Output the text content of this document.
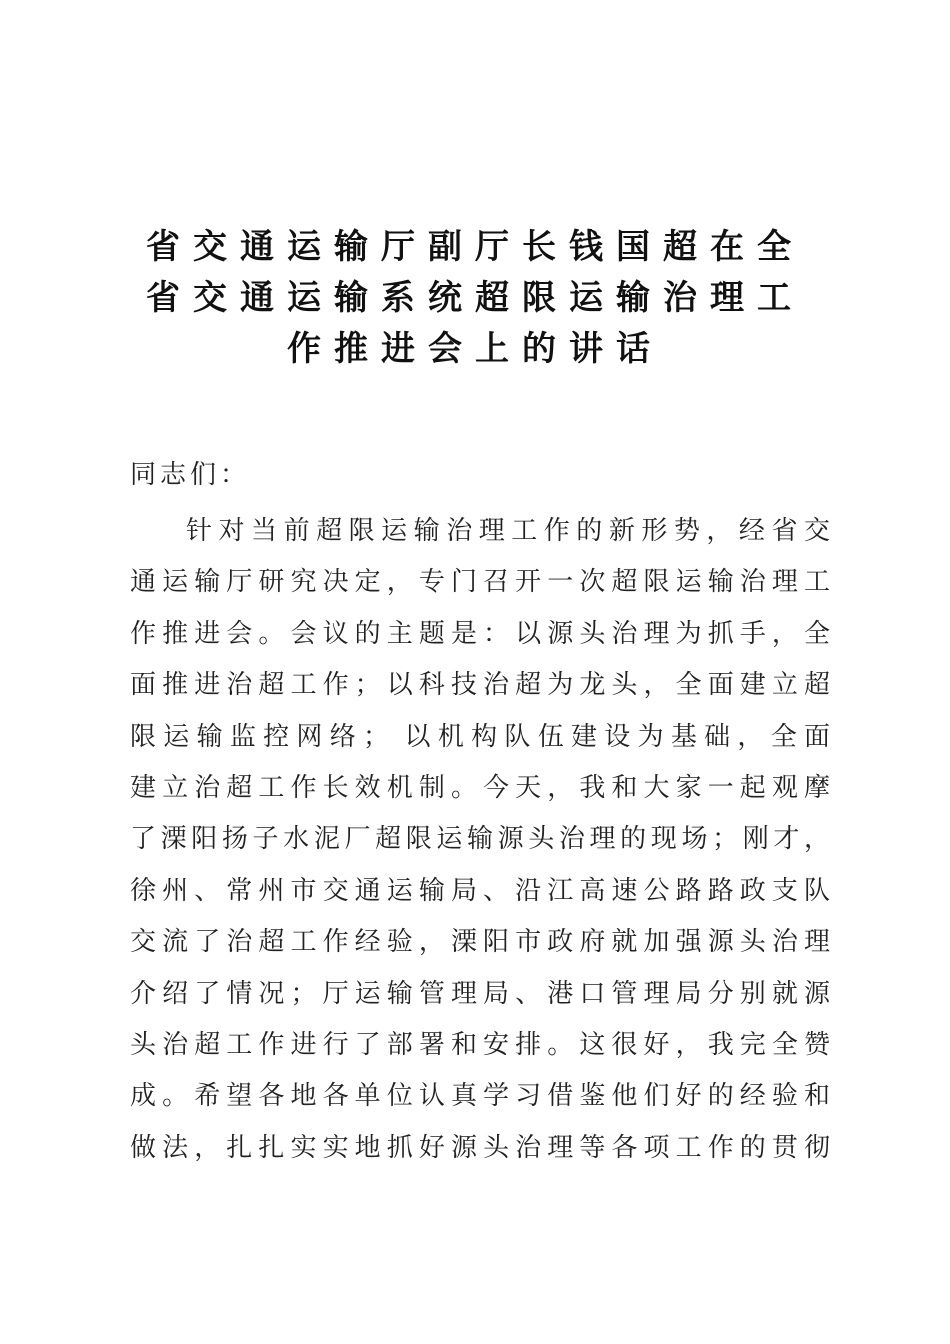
省交通运输厅副厅长钱国超在全
省交通运输系统超限运输治理工
作推进会上的讲话
同志们：
针对当前超限运输治理工作的新形势，经省交
通运输厅研究决定，专门召开一次超限运输治理工
作推进会。会议的主题是：以源头治理为抓手，全
面推进治超工作；以科技治超为龙头，全面建立超
限运输监控网络； 以机构队伍建设为基础，全面
建立治超工作长效机制。今天，我和大家一起观摩
了溧阳扬子水泥厂超限运输源头治理的现场；刚才，
徐州、常州市交通运输局、沿江高速公路路政支队
交流了治超工作经验，溧阳市政府就加强源头治理
介绍了情况；厅运输管理局、港口管理局分别就源
头治超工作进行了部署和安排。这很好，我完全赞
成。希望各地各单位认真学习借鉴他们好的经验和
做法，扎扎实实地抓好源头治理等各项工作的贯彻
